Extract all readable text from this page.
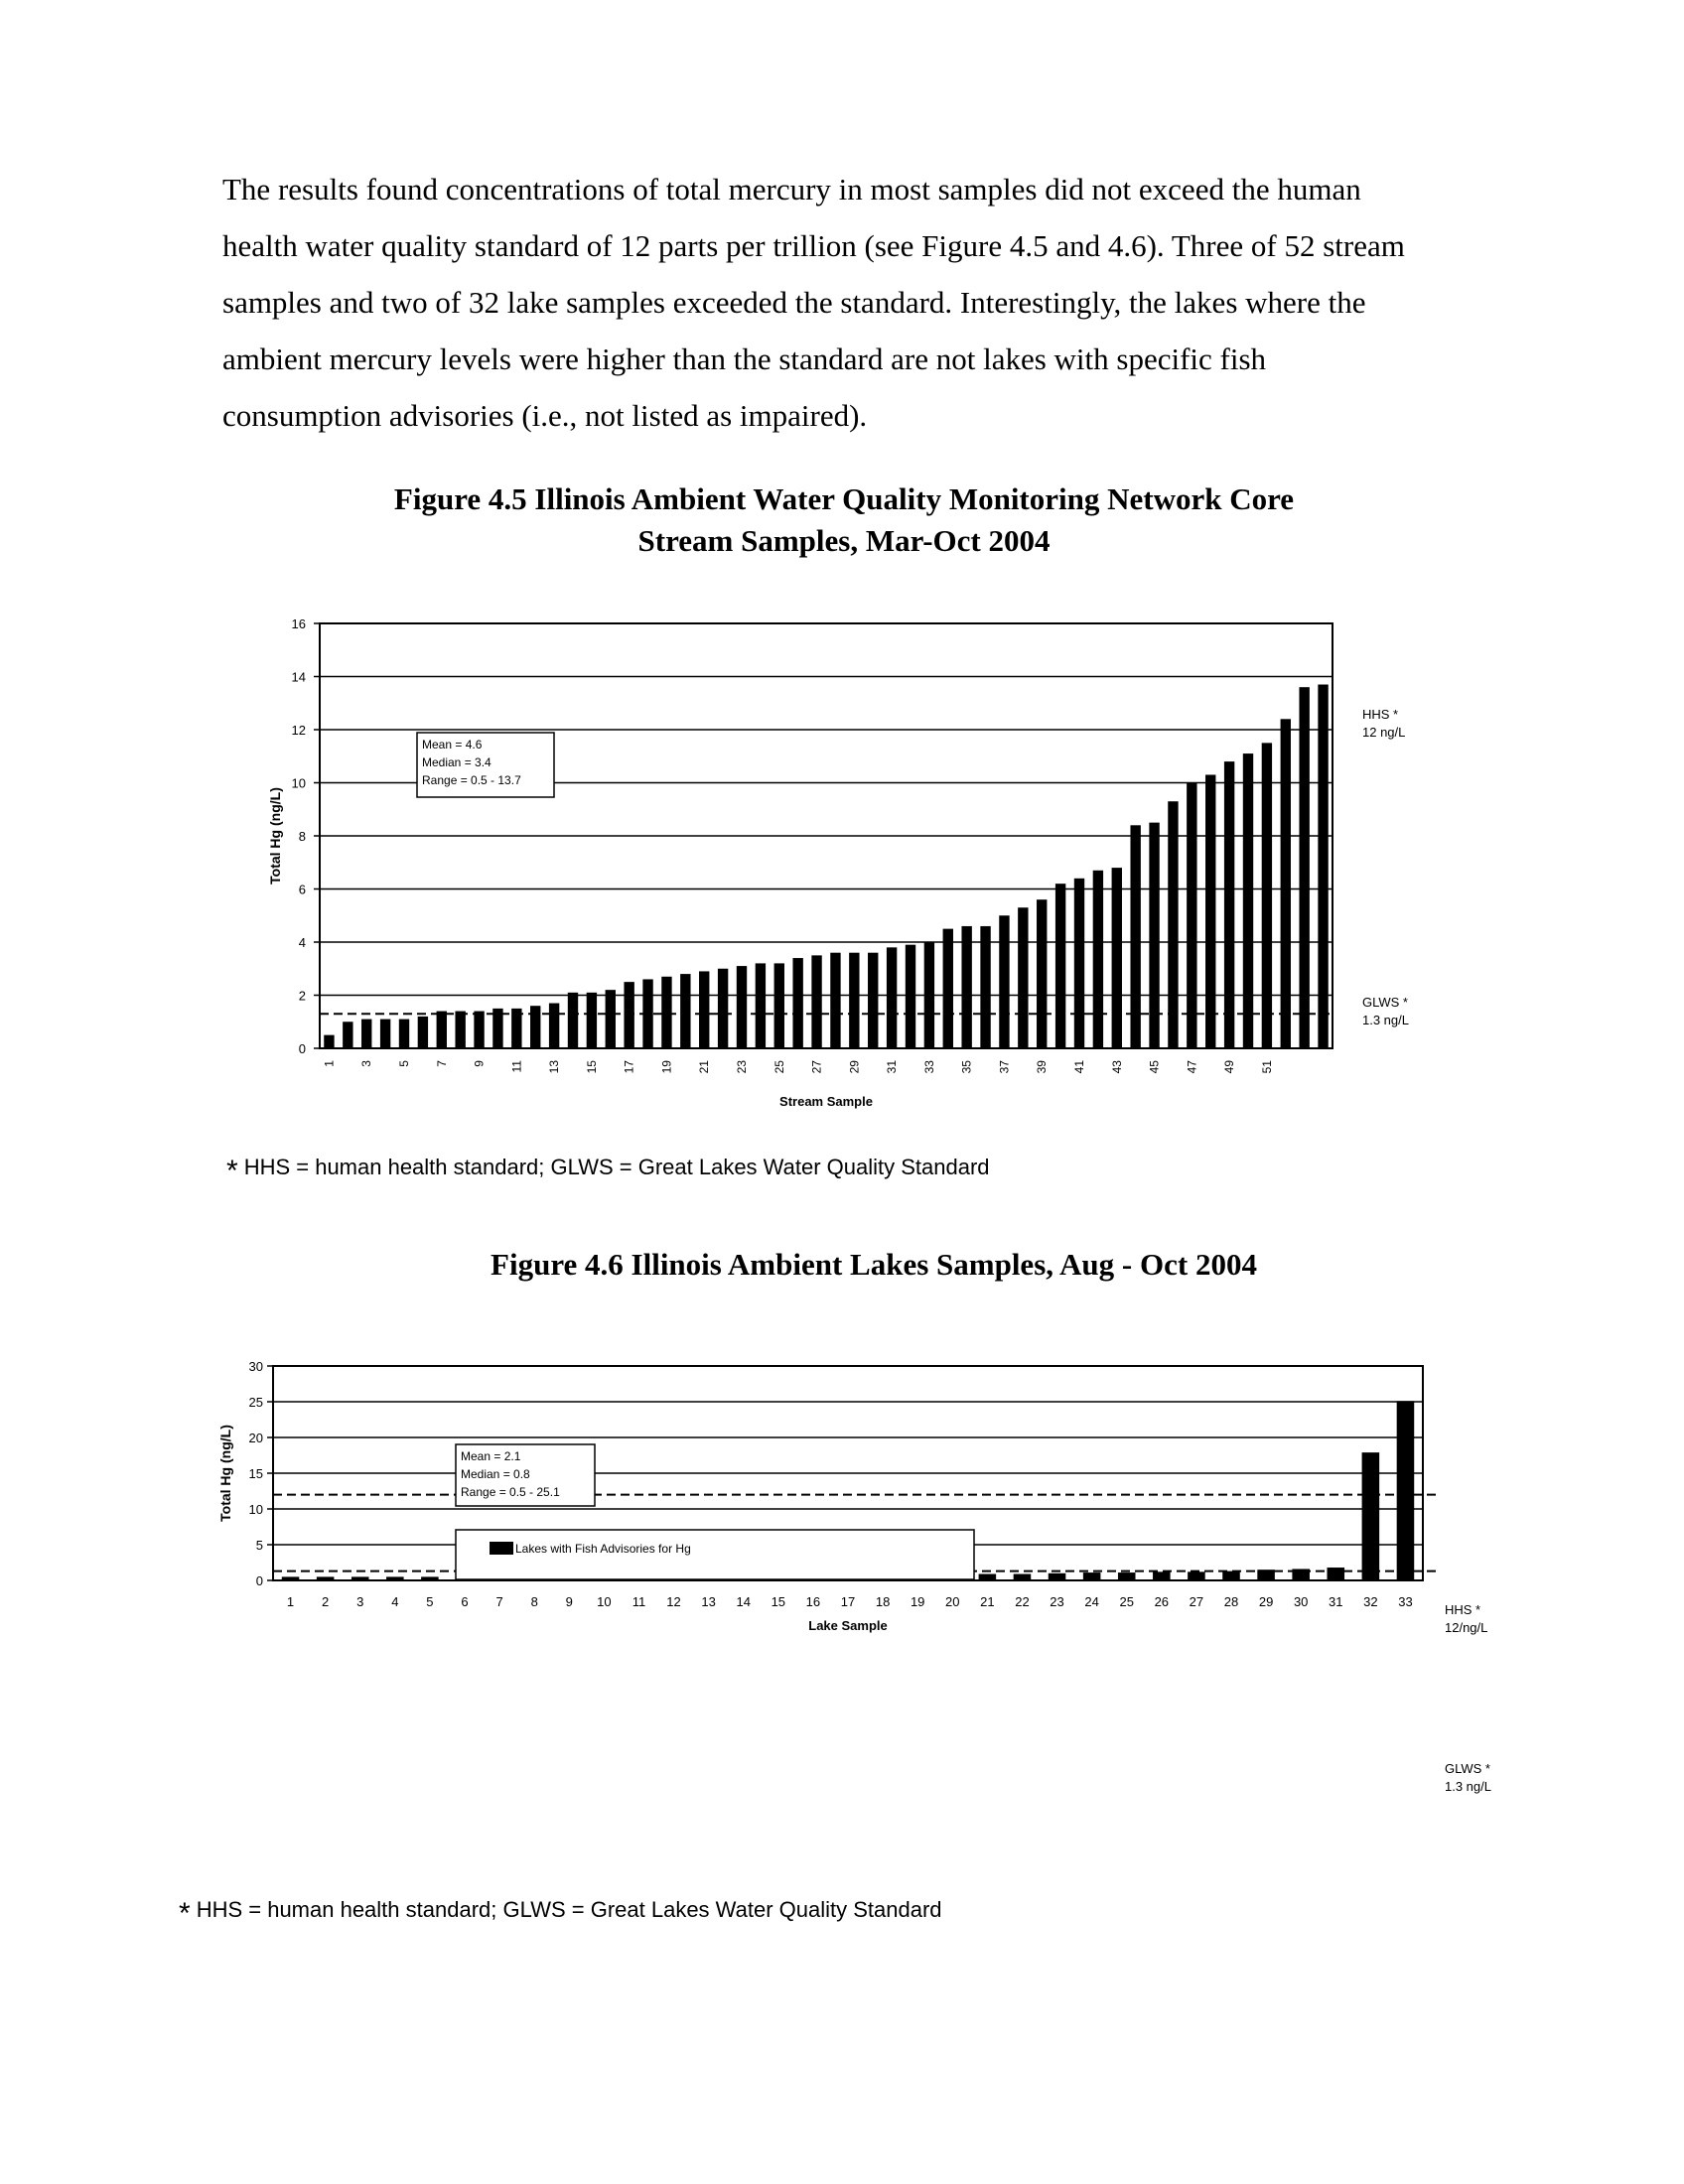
The results found concentrations of total mercury in most samples did not exceed the human
health water quality standard of 12 parts per trillion (see Figure 4.5 and 4.6). Three of 52 stream
samples and two of 32 lake samples exceeded the standard. Interestingly, the lakes where the
ambient mercury levels were higher than the standard are not lakes with specific fish
consumption advisories (i.e., not listed as impaired).
Figure 4.5 Illinois Ambient Water Quality Monitoring Network Core
Stream Samples, Mar-Oct 2004
0
2
4
6
8
10
12
14
16
1 3 5 7 9 11 13 15 17 19 21 23 25 27 29 31 33 35 37 39 41 43 45 47 49 51
Stream Sample
Total Hg (ng/L)
HHS *
12 ng/L
GLWS *
1.3 ng/L
Mean = 4.6
Median = 3.4
Range = 0.5 - 13.7
* HHS = human health standard; GLWS = Great Lakes Water Quality Standard
Figure 4.6 Illinois Ambient Lakes Samples, Aug - Oct 2004
0
5
10
15
20
25
30
1 2 3 4 5 6 7 8 9 10 11 12 13 14 15 16 17 18 19 20 21 22 23 24 25 26 27 28 29 30 31 32 33
Lake Sample
Total Hg (ng/L)
HHS *
12/ng/L
GLWS *
1.3 ng/L
Mean = 2.1
Median = 0.8
Range = 0.5 - 25.1
Lakes with Fish Advisories for Hg
* HHS = human health standard; GLWS = Great Lakes Water Quality Standard
